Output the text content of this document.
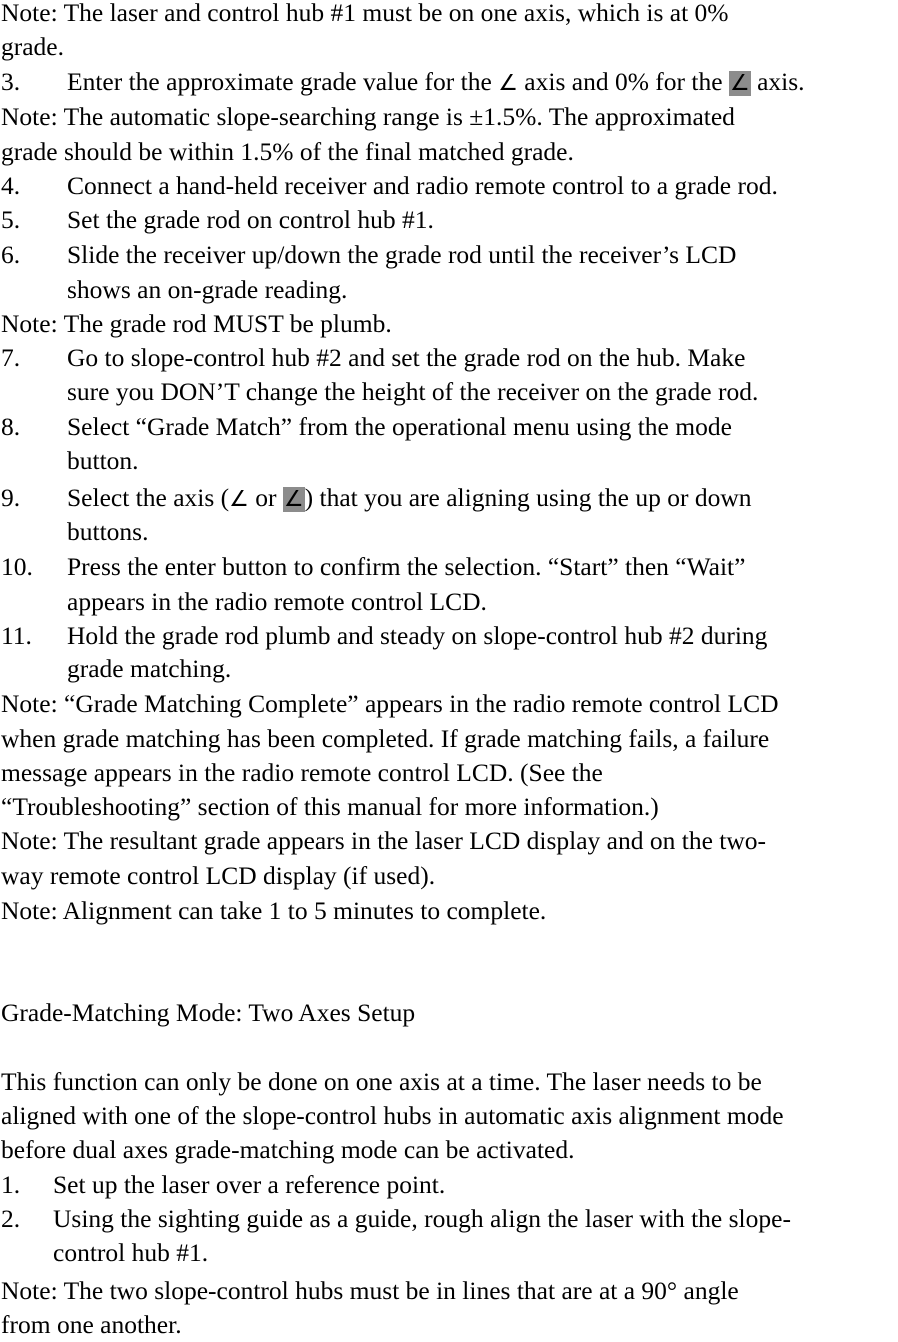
Note: The laser and control hub #1 must be on one axis, which is at 0%
grade.
3. Enter the approximate grade value for the ∠ axis and 0% for the ∠ axis.
Note: The automatic slope-searching range is ±1.5%. The approximated
grade should be within 1.5% of the final matched grade.
4. Connect a hand-held receiver and radio remote control to a grade rod.
5. Set the grade rod on control hub #1.
6. Slide the receiver up/down the grade rod until the receiver’s LCD
shows an on-grade reading.
Note: The grade rod MUST be plumb.
7. Go to slope-control hub #2 and set the grade rod on the hub. Make
sure you DON’T change the height of the receiver on the grade rod.
8. Select “Grade Match” from the operational menu using the mode
button.
9. Select the axis (∠ or ∠) that you are aligning using the up or down
buttons.
10. Press the enter button to confirm the selection. “Start” then “Wait”
appears in the radio remote control LCD.
11. Hold the grade rod plumb and steady on slope-control hub #2 during
grade matching.
Note: “Grade Matching Complete” appears in the radio remote control LCD
when grade matching has been completed. If grade matching fails, a failure
message appears in the radio remote control LCD. (See the
“Troubleshooting” section of this manual for more information.)
Note: The resultant grade appears in the laser LCD display and on the two-
way remote control LCD display (if used).
Note: Alignment can take 1 to 5 minutes to complete.
Grade-Matching Mode: Two Axes Setup
This function can only be done on one axis at a time. The laser needs to be
aligned with one of the slope-control hubs in automatic axis alignment mode
before dual axes grade-matching mode can be activated.
1. Set up the laser over a reference point.
2. Using the sighting guide as a guide, rough align the laser with the slope-
control hub #1.
Note: The two slope-control hubs must be in lines that are at a 90° angle
from one another.
